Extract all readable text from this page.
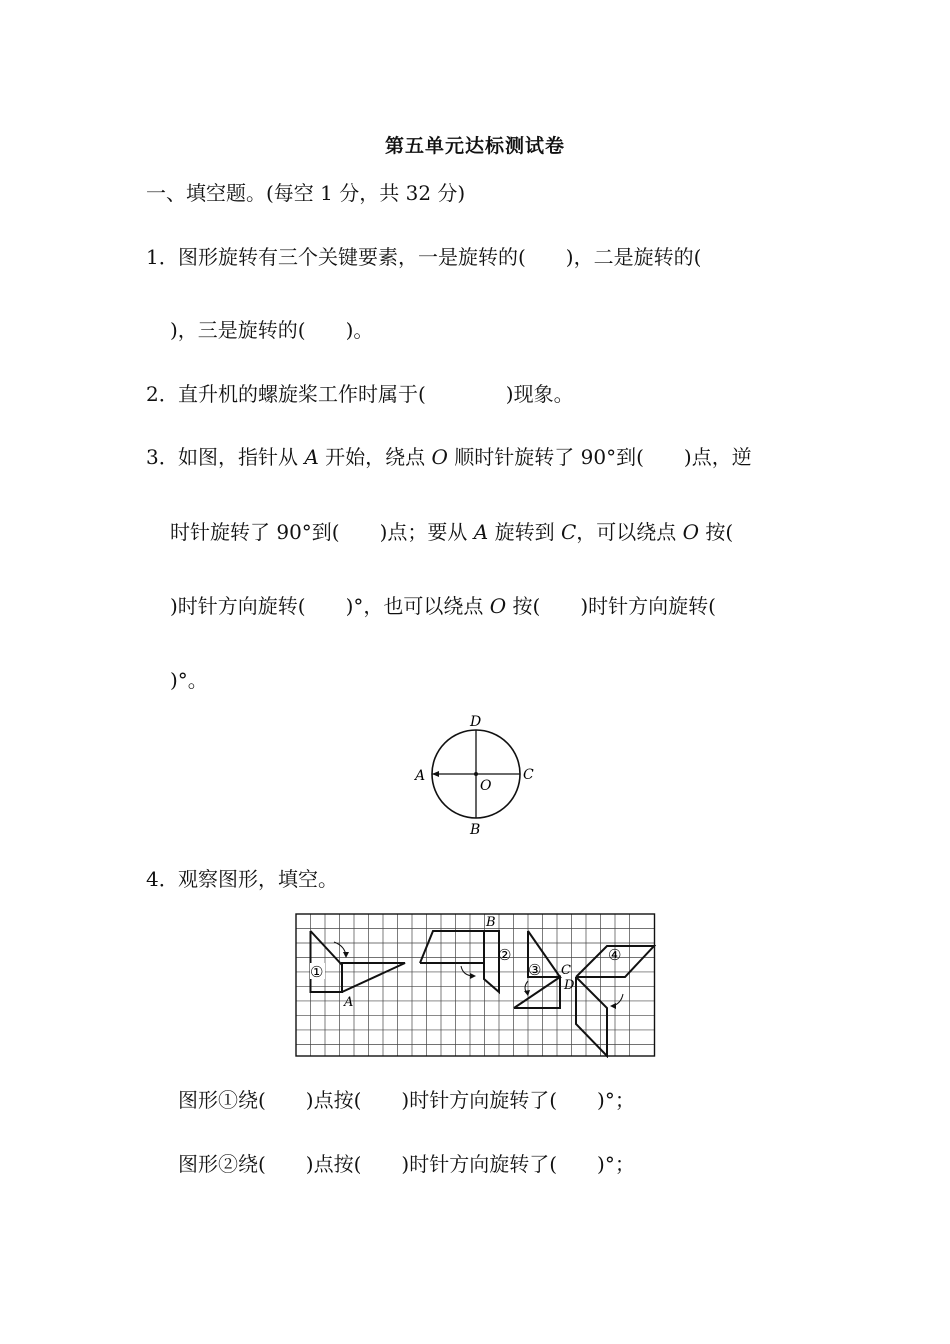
第五单元达标测试卷
一、填空题。(每空 1 分，共 32 分)
1． 图形旋转有三个关键要素，一是旋转的(　　)，二是旋转的(
)，三是旋转的(　　)。
2． 直升机的螺旋桨工作时属于(　　　　)现象。
3． 如图，指针从 A 开始，绕点 O 顺时针旋转了 90°到(　　)点，逆
时针旋转了 90°到(　　)点；要从 A 旋转到 C，可以绕点 O 按(
)时针方向旋转(　　)°，也可以绕点 O 按(　　)时针方向旋转(
)°。
D
A	C
O
B
4． 观察图形，填空。
①
②
③
④
A
B
C
D
图形①绕(　　)点按(　　)时针方向旋转了(　　)°；
图形②绕(　　)点按(　　)时针方向旋转了(　　)°；
